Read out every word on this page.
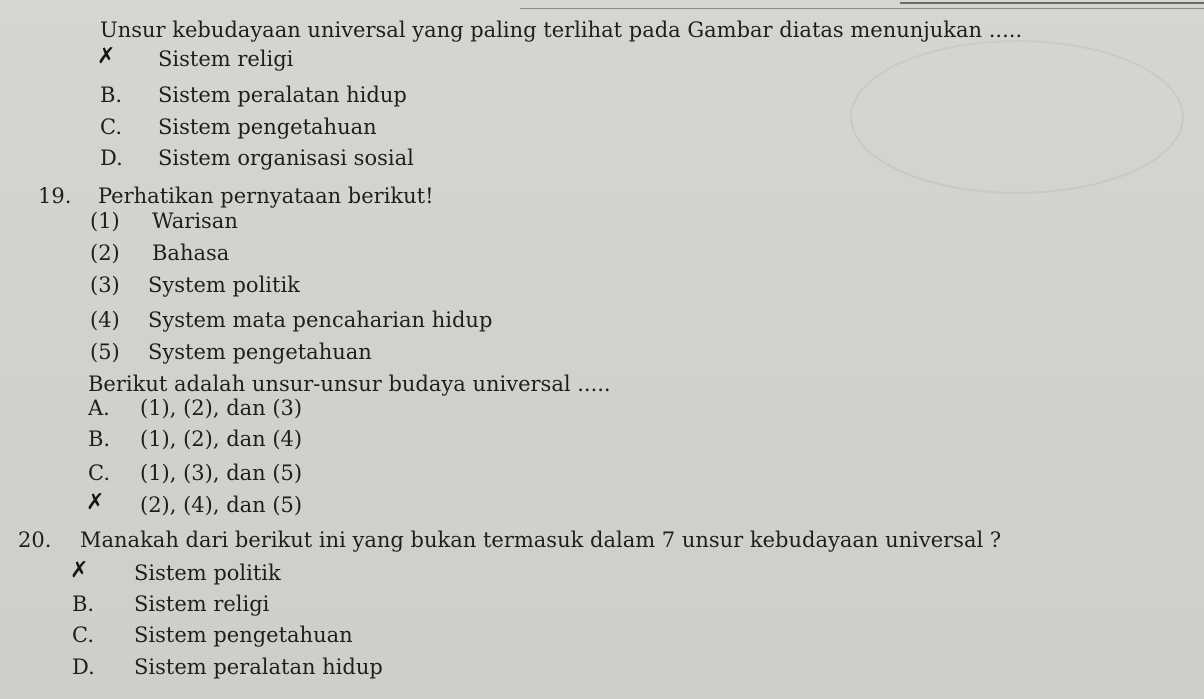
Unsur kebudayaan universal yang paling terlihat pada Gambar diatas menunjukan .....
✗ Sistem religi
B. Sistem peralatan hidup
C. Sistem pengetahuan
D. Sistem organisasi sosial
19. Perhatikan pernyataan berikut!
(1) Warisan
(2) Bahasa
(3) System politik
(4) System mata pencaharian hidup
(5) System pengetahuan
Berikut adalah unsur-unsur budaya universal .....
A. (1), (2), dan (3)
B. (1), (2), dan (4)
C. (1), (3), dan (5)
✗ (2), (4), dan (5)
20. Manakah dari berikut ini yang bukan termasuk dalam 7 unsur kebudayaan universal ?
✗ Sistem politik
B. Sistem religi
C. Sistem pengetahuan
D. Sistem peralatan hidup
